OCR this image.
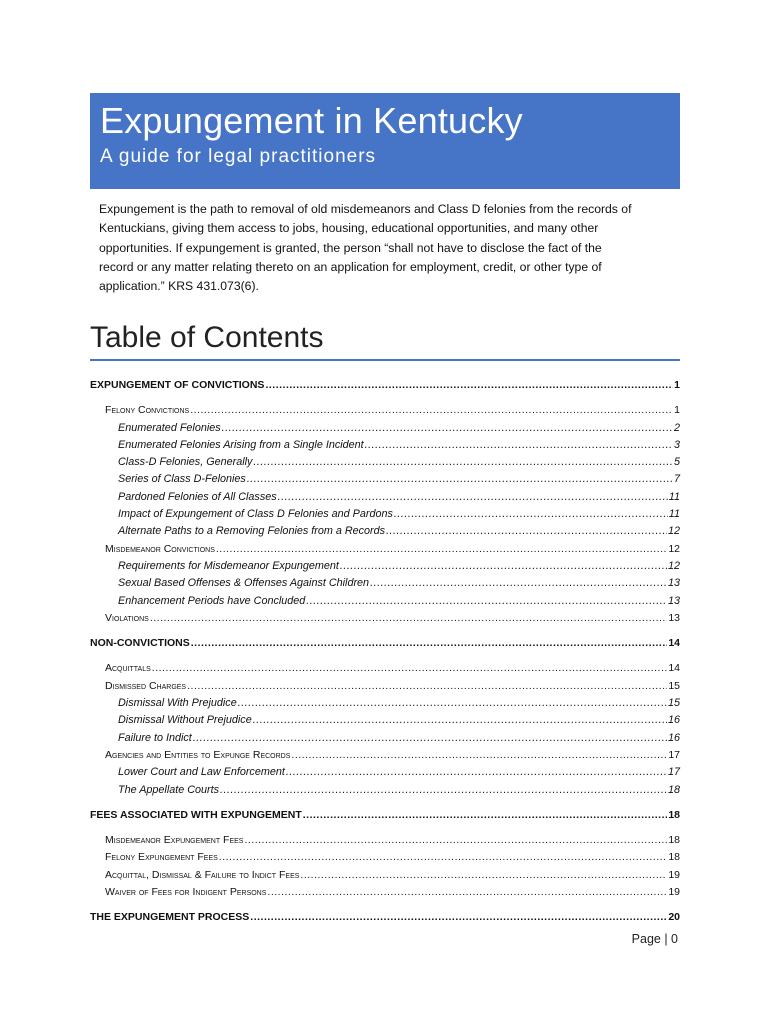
Expungement in Kentucky
A guide for legal practitioners
Expungement is the path to removal of old misdemeanors and Class D felonies from the records of Kentuckians, giving them access to jobs, housing, educational opportunities, and many other opportunities. If expungement is granted, the person “shall not have to disclose the fact of the record or any matter relating thereto on an application for employment, credit, or other type of application.” KRS 431.073(6).
Table of Contents
EXPUNGEMENT OF CONVICTIONS .....	1
Felony Convictions .....	1
Enumerated Felonies .....	2
Enumerated Felonies Arising from a Single Incident .....	3
Class-D Felonies, Generally .....	5
Series of Class D-Felonies .....	7
Pardoned Felonies of All Classes .....	11
Impact of Expungement of Class D Felonies and Pardons .....	11
Alternate Paths to a Removing Felonies from a Records .....	12
Misdemeanor Convictions .....	12
Requirements for Misdemeanor Expungement .....	12
Sexual Based Offenses & Offenses Against Children .....	13
Enhancement Periods have Concluded .....	13
Violations .....	13
NON-CONVICTIONS .....	14
Acquittals .....	14
Dismissed Charges .....	15
Dismissal With Prejudice .....	15
Dismissal Without Prejudice .....	16
Failure to Indict .....	16
Agencies and Entities to Expunge Records .....	17
Lower Court and Law Enforcement .....	17
The Appellate Courts .....	18
FEES ASSOCIATED WITH EXPUNGEMENT .....	18
Misdemeanor Expungement Fees .....	18
Felony Expungement Fees .....	18
Acquittal, Dismissal & Failure to Indict Fees .....	19
Waiver of Fees for Indigent Persons .....	19
THE EXPUNGEMENT PROCESS .....	20
Page | 0
